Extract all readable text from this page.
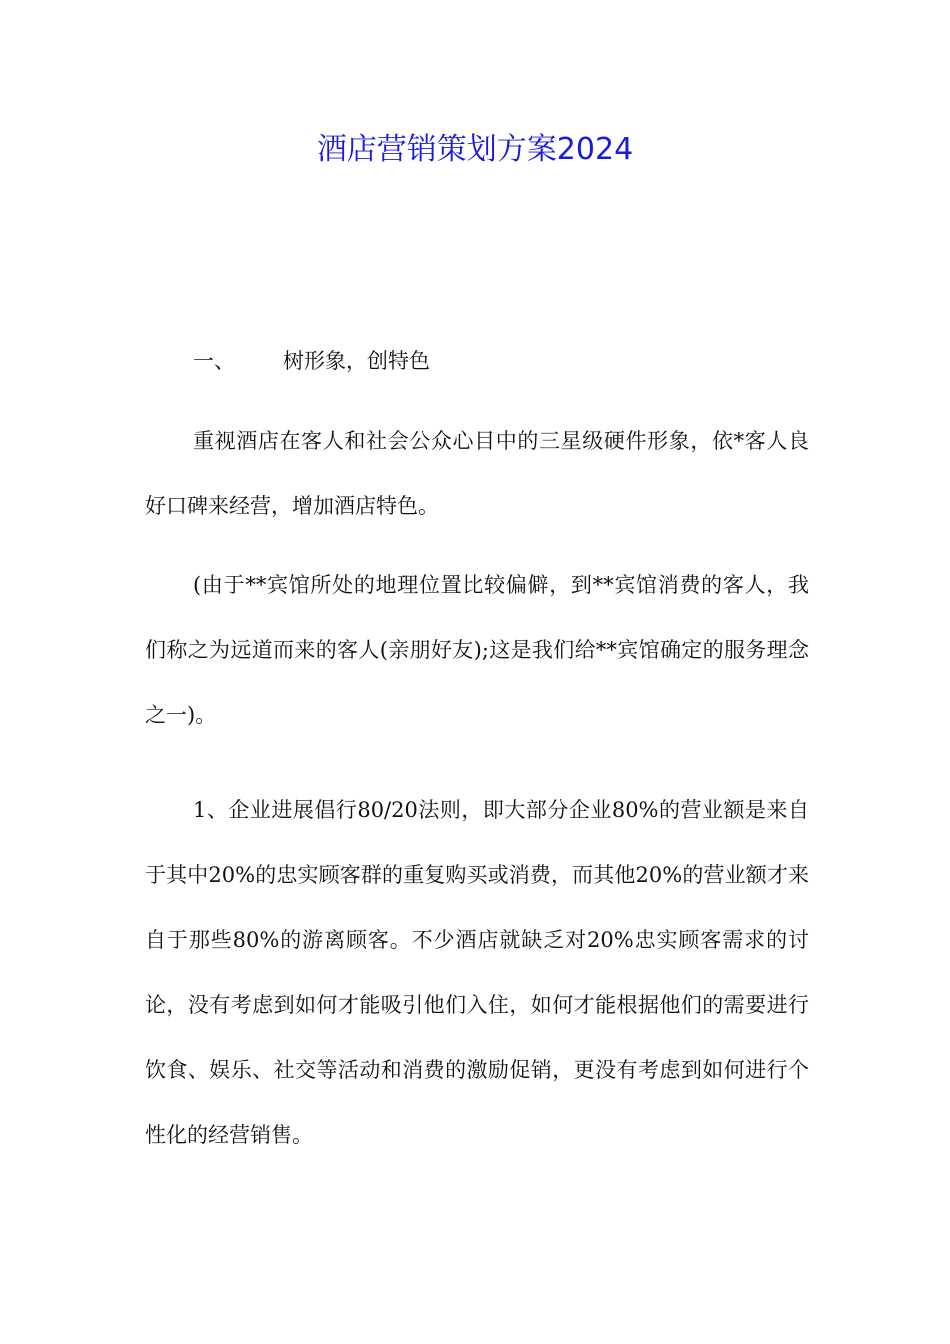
酒店营销策划方案2024
一、 树形象，创特色

重视酒店在客人和社会公众心目中的三星级硬件形象，依*客人良好口碑来经营，增加酒店特色。

(由于**宾馆所处的地理位置比较偏僻，到**宾馆消费的客人，我们称之为远道而来的客人(亲朋好友);这是我们给**宾馆确定的服务理念之一)。

1、企业进展倡行80/20法则，即大部分企业80%的营业额是来自于其中20%的忠实顾客群的重复购买或消费，而其他20%的营业额才来自于那些80%的游离顾客。不少酒店就缺乏对20%忠实顾客需求的讨论，没有考虑到如何才能吸引他们入住，如何才能根据他们的需要进行饮食、娱乐、社交等活动和消费的激励促销，更没有考虑到如何进行个性化的经营销售。
